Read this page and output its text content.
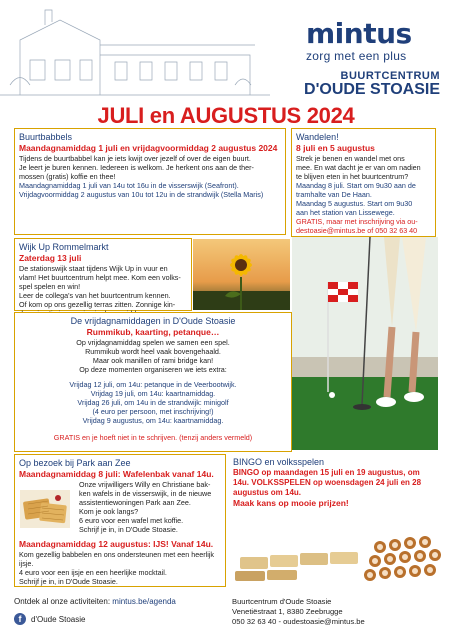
mintus
zorg met een plus
BUURTCENTRUM
D'OUDE STOASIE
JULI en AUGUSTUS 2024
Buurtbabbels
Maandagnamiddag 1 juli en vrijdagvoormiddag 2 augustus 2024
Tijdens de buurtbabbel kan je iets kwijt over jezelf of over de eigen buurt.
Je leert je buren kennen. Iedereen is welkom. Je herkent ons aan de ther-
mossen (gratis) koffie en thee!
Maandagnamiddag 1 juli van 14u tot 16u in de visserswijk (Seafront).
Vrijdagvoormiddag 2 augustus van 10u tot 12u in de strandwijk (Stella Maris)
Wandelen!
8 juli en 5 augustus
Strek je benen en wandel met ons
mee. En wat dacht je er van om nadien
te blijven eten in het buurtcentrum?
Maandag 8 juli. Start om 9u30 aan de
tramhalte van De Haan.
Maandag 5 augustus. Start om 9u30
aan het station van Lissewege.
GRATIS, maar met inschrijving via ou-
destoasie@mintus.be of 050 32 63 40
Wijk Up Rommelmarkt
Zaterdag 13 juli
De stationswijk staat tijdens Wijk Up in vuur en
vlam! Het buurtcentrum helpt mee. Kom een volks-
spel spelen en win!
Leer de collega's van het buurtcentrum kennen.
Of kom op ons gezellig terras zitten. Zonnige kin-
De vrijdagnamiddagen in D'Oude Stoasie
Rummikub, kaarting, petanque…
Op vrijdagnamiddag spelen we samen een spel.
Rummikub wordt heel vaak bovengehaald.
Maar ook manillen of rami bridge kan!
Op deze momenten organiseren we iets extra:
Vrijdag 12 juli, om 14u: petanque in de Veerbootwijk.
Vrijdag 19 juli, om 14u: kaartnamiddag.
Vrijdag 26 juli, om 14u in de strandwijk: minigolf
(4 euro per persoon, met inschrijving!)
Vrijdag 9 augustus, om 14u: kaartnamiddag.
GRATIS en je hoeft niet in te schrijven. (tenzij anders vermeld)
Op bezoek bij Park aan Zee
Maandagnamiddag 8 juli: Wafelenbak vanaf 14u.
Onze vrijwilligers Willy en Christiane bak-
ken wafels in de visserswijk, in de nieuwe
assistentiewoningen Park aan Zee.
Kom je ook langs?
6 euro voor een wafel met koffie.
Schrijf je in, in D'Oude Stoasie.
Maandagnamiddag 12 augustus: IJS! Vanaf 14u.
Kom gezellig babbelen en ons ondersteunen met een heerlijk ijsje.
4 euro voor een ijsje en een heerlijke mocktail.
Schrijf je in, in D'Oude Stoasie.
BINGO en volksspelen
BINGO op maandagen 15 juli en 19 augustus, om 14u. VOLKSSPELEN op woensdagen 24 juli en 28 augustus om 14u.
Maak kans op mooie prijzen!
Ontdek al onze activiteiten: mintus.be/agenda
f	d'Oude Stoasie
Buurtcentrum d'Oude Stoasie
Venetiëstraat 1, 8380 Zeebrugge
050 32 63 40 - oudestoasie@mintus.be
